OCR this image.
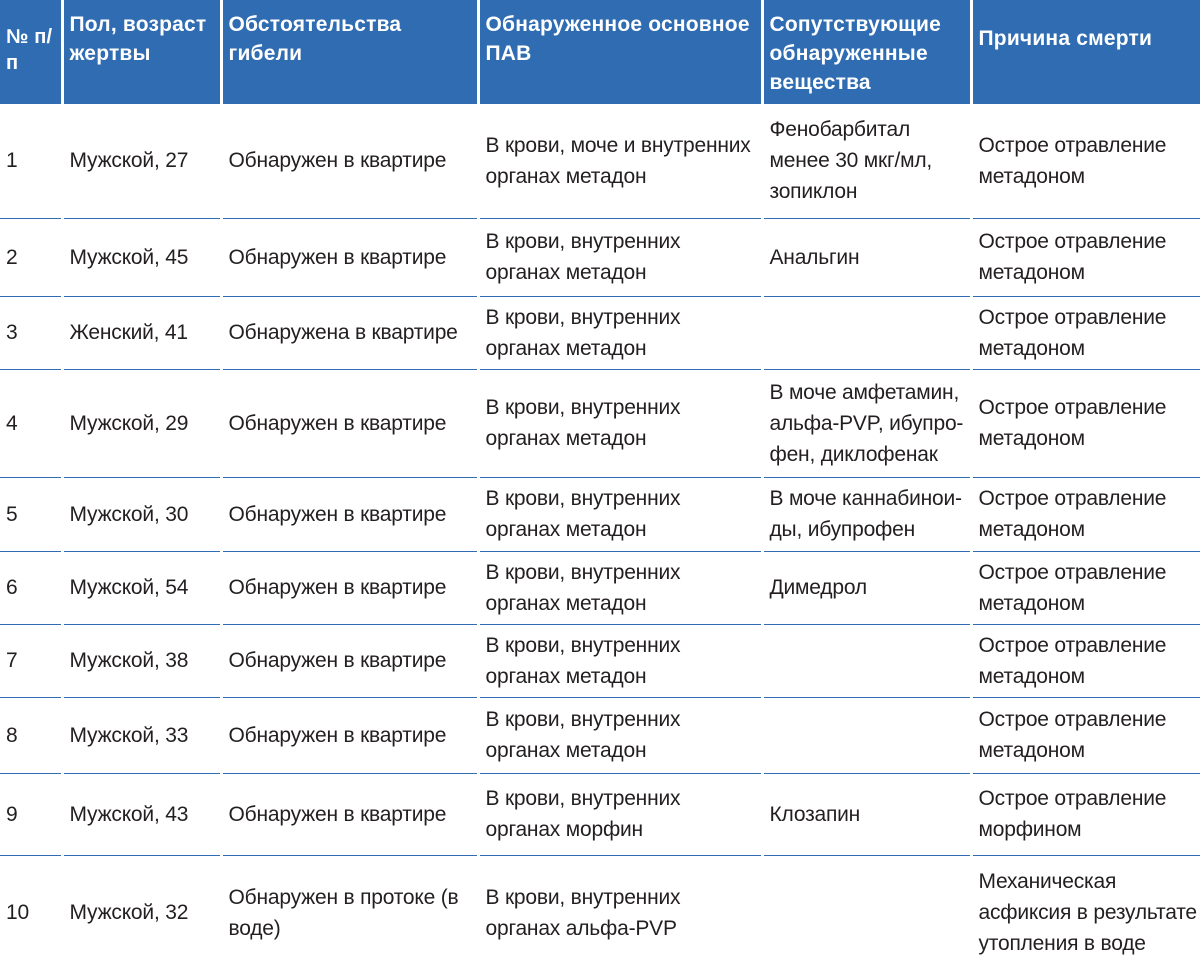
№ п/п	Пол, возраст жертвы	Обстоятельства гибели	Обнаруженное основное ПАВ	Сопутствующие обнаруженные вещества	Причина смерти
1	Мужской, 27	Обнаружен в квартире	В крови, моче и внутренних органах метадон	Фенобарбитал менее 30 мкг/мл, зопиклон	Острое отравление метадоном
2	Мужской, 45	Обнаружен в квартире	В крови, внутренних органах метадон	Анальгин	Острое отравление метадоном
3	Женский, 41	Обнаружена в квартире	В крови, внутренних органах метадон		Острое отравление метадоном
4	Мужской, 29	Обнаружен в квартире	В крови, внутренних органах метадон	В моче амфетамин, альфа-PVP, ибупро-фен, диклофенак	Острое отравление метадоном
5	Мужской, 30	Обнаружен в квартире	В крови, внутренних органах метадон	В моче каннабинои-ды, ибупрофен	Острое отравление метадоном
6	Мужской, 54	Обнаружен в квартире	В крови, внутренних органах метадон	Димедрол	Острое отравление метадоном
7	Мужской, 38	Обнаружен в квартире	В крови, внутренних органах метадон		Острое отравление метадоном
8	Мужской, 33	Обнаружен в квартире	В крови, внутренних органах метадон		Острое отравление метадоном
9	Мужской, 43	Обнаружен в квартире	В крови, внутренних органах морфин	Клозапин	Острое отравление морфином
10	Мужской, 32	Обнаружен в протоке (в воде)	В крови, внутренних органах альфа-PVP		Механическая асфиксия в результате утопления в воде
